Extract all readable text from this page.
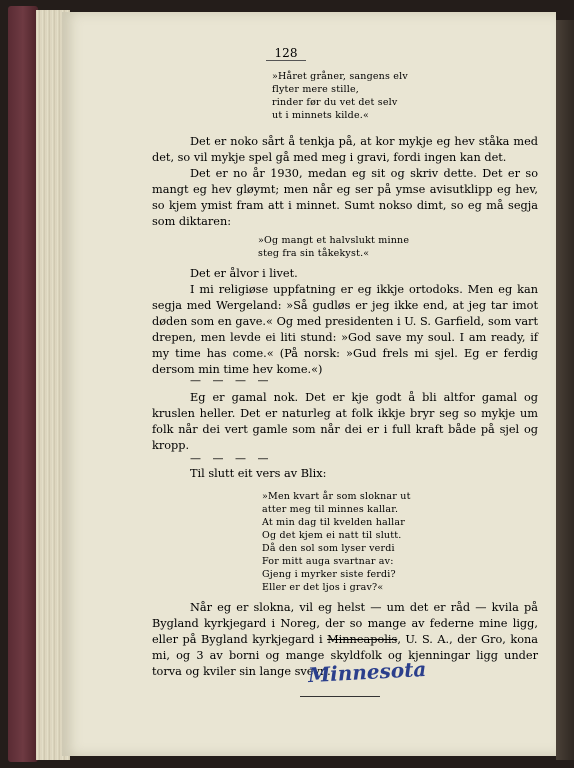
128
»Håret gråner, sangens elv
flyter mere stille,
rinder før du vet det selv
ut i minnets kilde.«

Det er noko sårt å tenkja på, at kor mykje eg hev ståka med det, so vil mykje spel gå med meg i gravi, fordi ingen kan det.

Det er no år 1930, medan eg sit og skriv dette. Det er so mangt eg hev gløymt; men når eg ser på ymse avisutklipp eg hev, so kjem ymist fram att i minnet. Sumt nokso dimt, so eg må segja som diktaren:

»Og mangt et halvslukt minne
steg fra sin tåkekyst.«

Det er ålvor i livet.

I mi religiøse uppfatning er eg ikkje ortodoks. Men eg kan segja med Wergeland: »Så gudløs er jeg ikke end, at jeg tar imot døden som en gave.« Og med presidenten i U. S. Garfield, som vart drepen, men levde ei liti stund: »God save my soul. I am ready, if my time has come.« (På norsk: »Gud frels mi sjel. Eg er ferdig dersom min time hev kome.«)

— — — —

Eg er gamal nok. Det er kje godt å bli altfor gamal og kruslen heller. Det er naturleg at folk ikkje bryr seg so mykje um folk når dei vert gamle som når dei er i full kraft både på sjel og kropp.

— — — —

Til slutt eit vers av Blix:

»Men kvart år som sloknar ut
atter meg til minnes kallar.
At min dag til kvelden hallar
Og det kjem ei natt til slutt.
Då den sol som lyser verdi
For mitt auga svartnar av:
Gjeng i myrker siste ferdi?
Eller er det ljos i grav?«

Når eg er slokna, vil eg helst — um det er råd — kvila på Bygland kyrkjegard i Noreg, der so mange av federne mine ligg, eller på Bygland kyrkjegard i Minneapolis, U. S. A., der Gro, kona mi, og 3 av borni og mange skyldfolk og kjenningar ligg under torva og kviler sin lange svevn.

Minnesota
